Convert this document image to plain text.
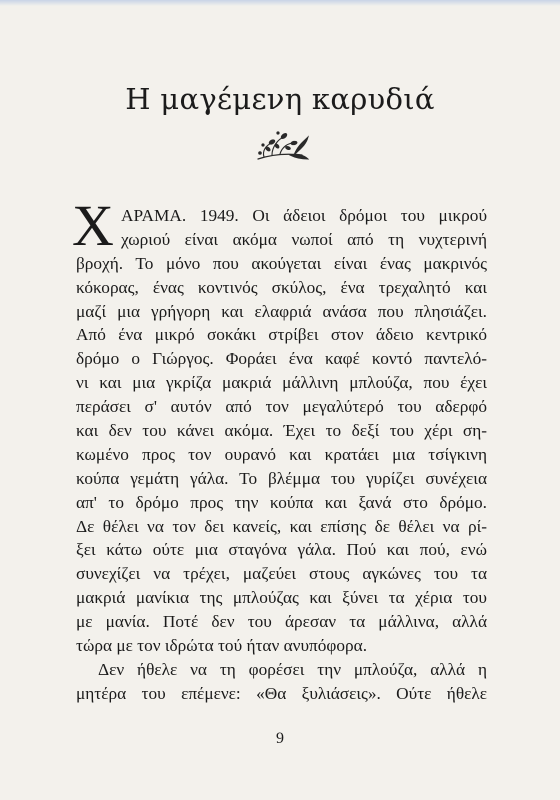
Η μαγέμενη καρυδιά
Χ ΑΡΑΜΑ. 1949. Οι άδειοι δρόμοι του μικρού
χωριού είναι ακόμα νωποί από τη νυχτερινή
βροχή. Το μόνο που ακούγεται είναι ένας μακρινός
κόκορας, ένας κοντινός σκύλος, ένα τρεχαλητό και
μαζί μια γρήγορη και ελαφριά ανάσα που πλησιάζει.
Από ένα μικρό σοκάκι στρίβει στον άδειο κεντρικό
δρόμο ο Γιώργος. Φοράει ένα καφέ κοντό παντελό-
νι και μια γκρίζα μακριά μάλλινη μπλούζα, που έχει
περάσει σ' αυτόν από τον μεγαλύτερό του αδερφό
και δεν του κάνει ακόμα. Έχει το δεξί του χέρι ση-
κωμένο προς τον ουρανό και κρατάει μια τσίγκινη
κούπα γεμάτη γάλα. Το βλέμμα του γυρίζει συνέχεια
απ' το δρόμο προς την κούπα και ξανά στο δρόμο.
Δε θέλει να τον δει κανείς, και επίσης δε θέλει να ρί-
ξει κάτω ούτε μια σταγόνα γάλα. Πού και πού, ενώ
συνεχίζει να τρέχει, μαζεύει στους αγκώνες του τα
μακριά μανίκια της μπλούζας και ξύνει τα χέρια του
με μανία. Ποτέ δεν του άρεσαν τα μάλλινα, αλλά
τώρα με τον ιδρώτα τού ήταν ανυπόφορα.
Δεν ήθελε να τη φορέσει την μπλούζα, αλλά η
μητέρα του επέμενε: «Θα ξυλιάσεις». Ούτε ήθελε
9
